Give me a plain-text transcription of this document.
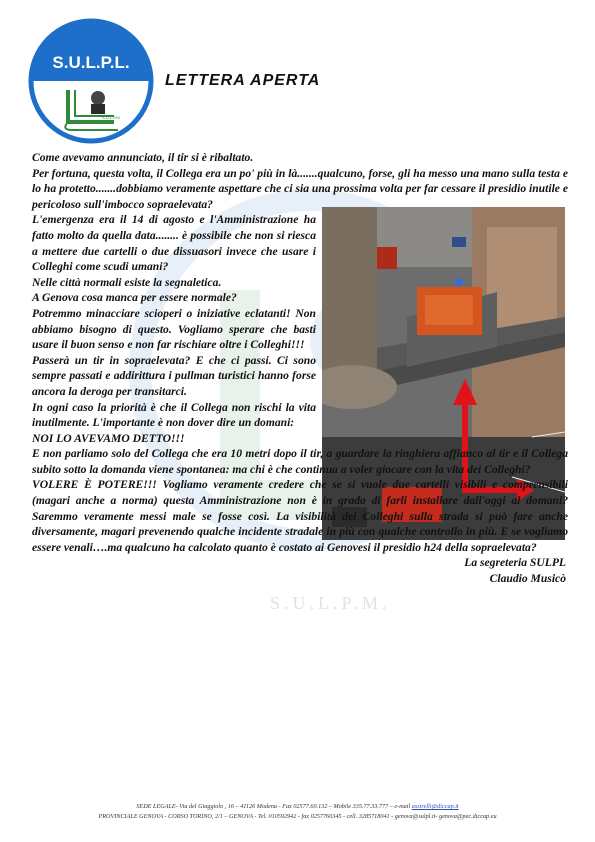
S.U.L.P.L.
S.U.L.P.M.
LETTERA APERTA

Come avevamo annunciato, il tir si è ribaltato.

Per fortuna, questa volta, il Collega era un po' più in là.......qualcuno, forse, gli ha messo una mano sulla testa e lo ha protetto.......dobbiamo veramente aspettare che ci sia una prossima volta per far cessare il presidio inutile e pericoloso sull'imbocco sopraelevata?

L'emergenza era il 14 di agosto e l'Amministrazione ha fatto molto da quella data........ è possibile che non si riesca a mettere due cartelli o due dissuasori invece che usare i Colleghi come scudi umani?

Nelle città normali esiste la segnaletica.

A Genova cosa manca per essere normale?

Potremmo minacciare scioperi o iniziative eclatanti! Non abbiamo bisogno di questo. Vogliamo sperare che basti usare il buon senso e non far rischiare oltre i Colleghi!!!

Passerà un tir in sopraelevata? E che ci passi. Ci sono sempre passati e addirittura i pullman turistici hanno forse ancora la deroga per transitarci.

In ogni caso la priorità è che il Collega non rischi la vita inutilmente. L'importante è non dover dire un domani:

NOI LO AVEVAMO DETTO!!!

E non parliamo solo del Collega che era 10 metri dopo il tir, a guardare la ringhiera affianco al tir e il Collega subito sotto la domanda viene spontanea: ma chi è che continua a voler giocare con la vita dei Colleghi?

VOLERE È POTERE!!! Vogliamo veramente credere che se si vuole due cartelli visibili e comprensibili (magari anche a norma) questa Amministrazione non è in grado di farli installare dall'oggi al domani? Saremmo veramente messi male se fosse così. La visibilità dei Colleghi sulla strada si può fare anche diversamente, magari prevenendo qualche incidente stradale in più con qualche controllo in più. E se vogliamo essere venali….ma qualcuno ha calcolato quanto è costato ai Genovesi il presidio h24 della sopraelevata?

La segreteria SULPL
Claudio Musicò
S.U.L.P.M.
SEDE LEGALE- Via del Giaggiolo , 16 – 41126 Modena - Fax 02577.60.132 – Mobile 335.77.33.777 – e-mail assirelli@diccap.it
PROVINCIALE GENOVA - CORSO TORINO, 2/1 – GENOVA - Tel. 010592942 - fax 0257760345 - cell. 3285718041 - genova@sulpl.it- genova@pec.diccap.eu
